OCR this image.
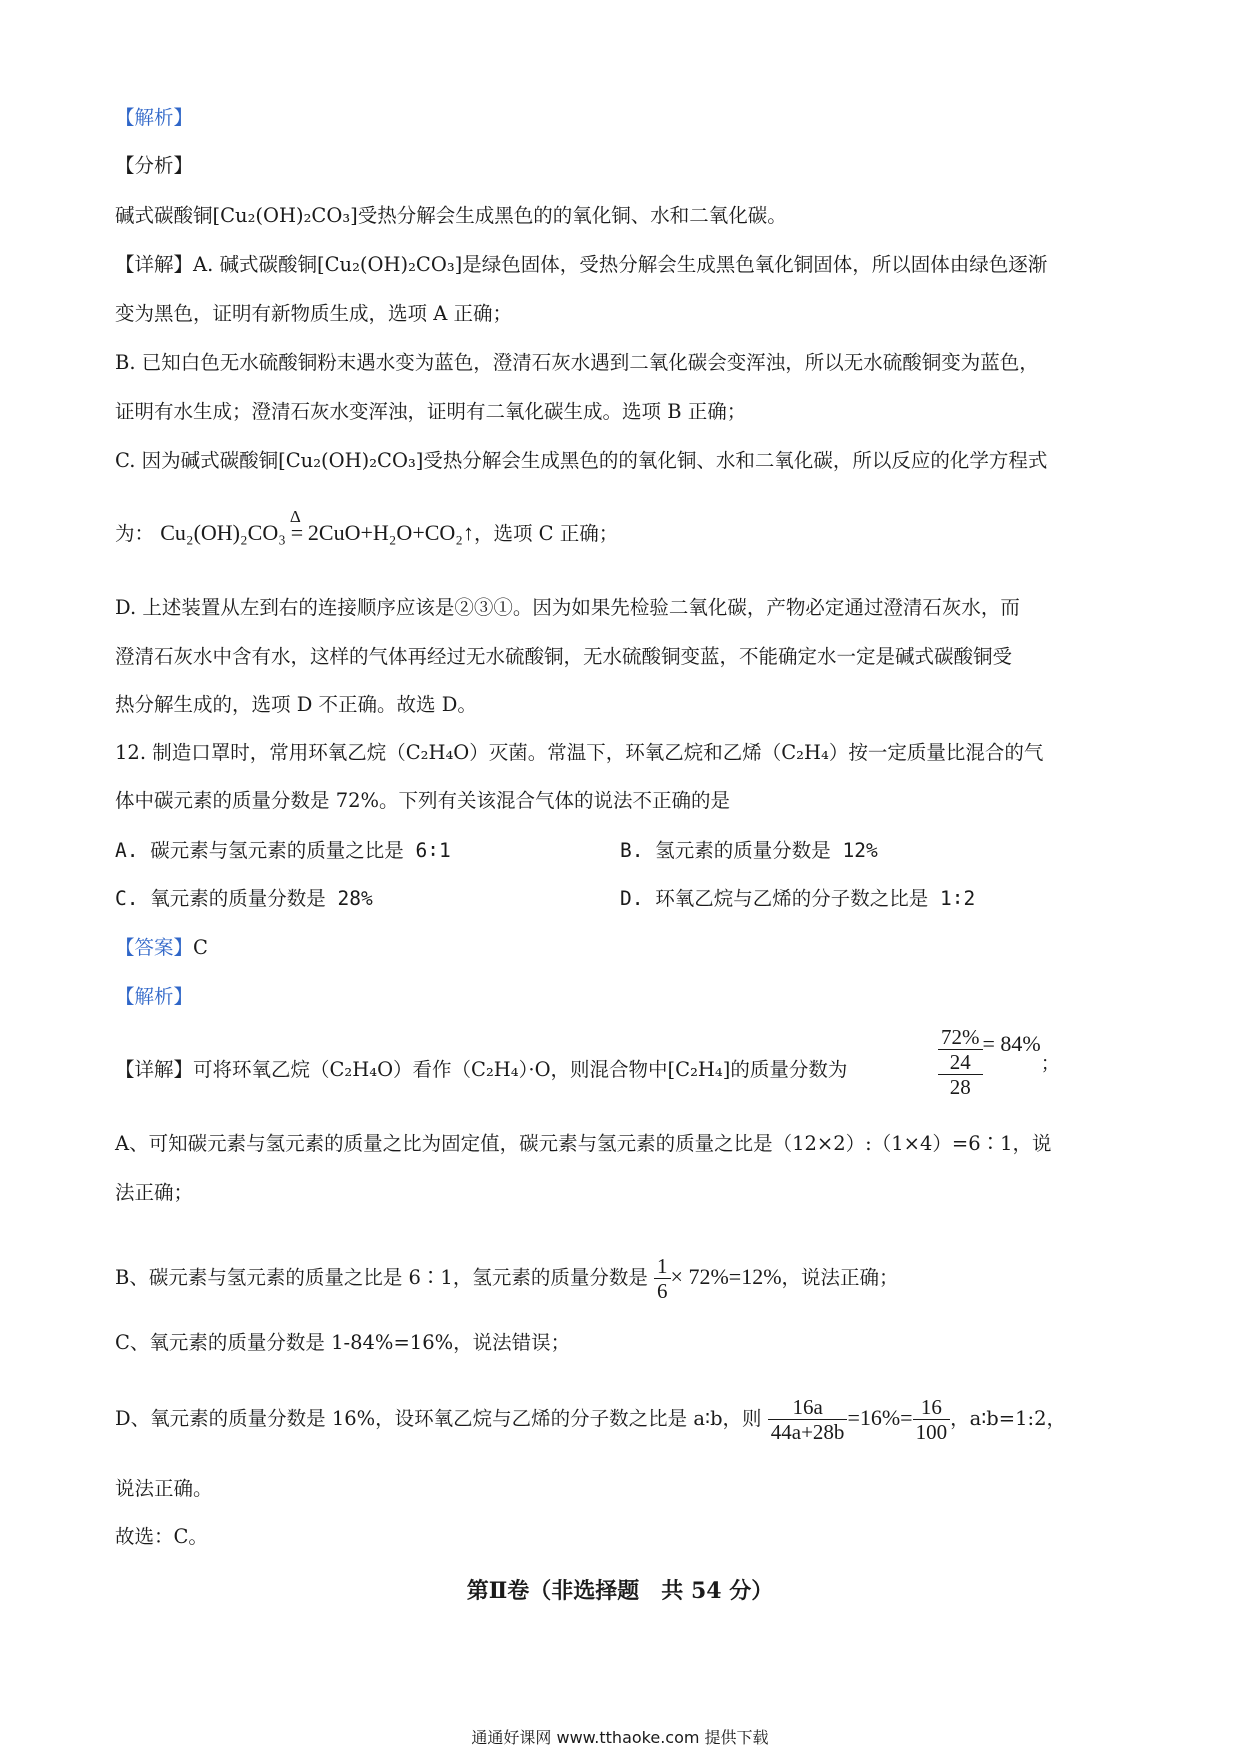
【解析】
【分析】
碱式碳酸铜[Cu₂(OH)₂CO₃]受热分解会生成黑色的的氧化铜、水和二氧化碳。
【详解】A. 碱式碳酸铜[Cu₂(OH)₂CO₃]是绿色固体，受热分解会生成黑色氧化铜固体，所以固体由绿色逐渐
变为黑色，证明有新物质生成，选项 A 正确；
B. 已知白色无水硫酸铜粉末遇水变为蓝色，澄清石灰水遇到二氧化碳会变浑浊，所以无水硫酸铜变为蓝色，
证明有水生成；澄清石灰水变浑浊，证明有二氧化碳生成。选项 B 正确；
C. 因为碱式碳酸铜[Cu₂(OH)₂CO₃]受热分解会生成黑色的的氧化铜、水和二氧化碳，所以反应的化学方程式
为： Cu₂(OH)₂CO₃
Δ
= 2CuO+H₂O+CO₂↑，选项 C 正确；
D. 上述装置从左到右的连接顺序应该是②③①。因为如果先检验二氧化碳，产物必定通过澄清石灰水，而
澄清石灰水中含有水，这样的气体再经过无水硫酸铜，无水硫酸铜变蓝，不能确定水一定是碱式碳酸铜受
热分解生成的，选项 D 不正确。故选 D。
12. 制造口罩时，常用环氧乙烷（C₂H₄O）灭菌。常温下，环氧乙烷和乙烯（C₂H₄）按一定质量比混合的气
体中碳元素的质量分数是 72%。下列有关该混合气体的说法不正确的是
A. 碳元素与氢元素的质量之比是 6∶1	B. 氢元素的质量分数是 12%
C. 氧元素的质量分数是 28%	D. 环氧乙烷与乙烯的分子数之比是 1∶2
【答案】C
【解析】
【详解】可将环氧乙烷（C₂H₄O）看作（C₂H₄）·O，则混合物中[C₂H₄]的质量分数为
72%
24
28
= 84%；
A、可知碳元素与氢元素的质量之比为固定值，碳元素与氢元素的质量之比是（12×2）:（1×4）=6∶1，说
法正确；
B、碳元素与氢元素的质量之比是 6∶1，氢元素的质量分数是 $\frac{1}{6} \times 72\%=12\%$，说法正确；
C、氧元素的质量分数是 1-84%=16%，说法错误；
D、氧元素的质量分数是 16%，设环氧乙烷与乙烯的分子数之比是 a∶b，则 $\frac{16a}{44a+28b} =16\%= \frac{16}{100}$ ，a∶b=1:2，
说法正确。
故选：C。
第Ⅱ卷（非选择题　共 54 分）
通通好课网 www.tthaoke.com 提供下载
